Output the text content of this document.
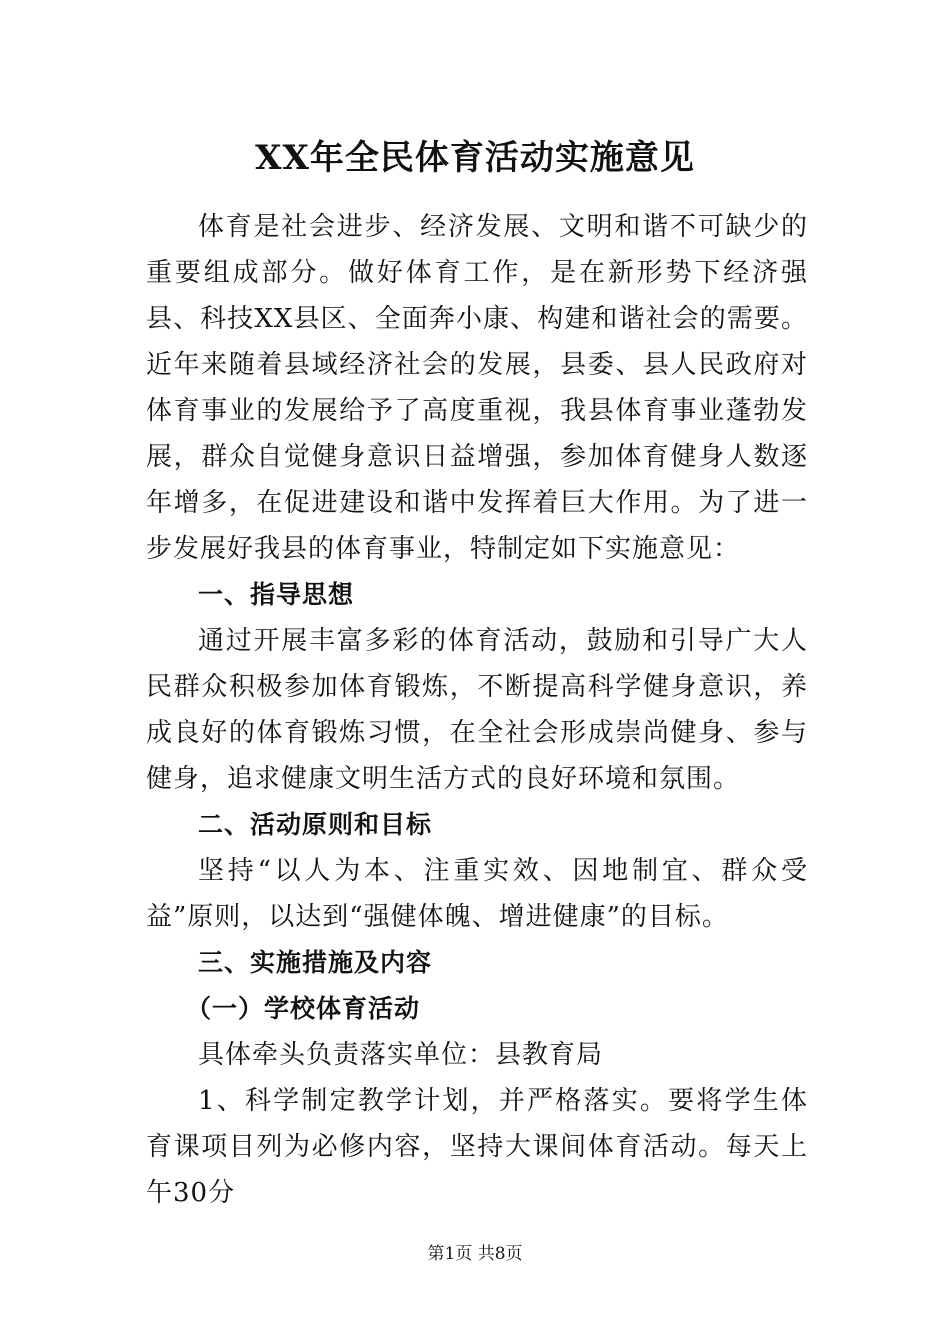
XX年全民体育活动实施意见

体育是社会进步、经济发展、文明和谐不可缺少的重要组成部分。做好体育工作，是在新形势下经济强县、科技XX县区、全面奔小康、构建和谐社会的需要。近年来随着县域经济社会的发展，县委、县人民政府对体育事业的发展给予了高度重视，我县体育事业蓬勃发展，群众自觉健身意识日益增强，参加体育健身人数逐年增多，在促进建设和谐中发挥着巨大作用。为了进一步发展好我县的体育事业，特制定如下实施意见：

一、指导思想

通过开展丰富多彩的体育活动，鼓励和引导广大人民群众积极参加体育锻炼，不断提高科学健身意识，养成良好的体育锻炼习惯，在全社会形成崇尚健身、参与健身，追求健康文明生活方式的良好环境和氛围。

二、活动原则和目标

坚持“以人为本、注重实效、因地制宜、群众受益”原则，以达到“强健体魄、增进健康”的目标。

三、实施措施及内容
（一）学校体育活动

具体牵头负责落实单位：县教育局

1、科学制定教学计划，并严格落实。要将学生体育课项目列为必修内容，坚持大课间体育活动。每天上午30分

第1页 共8页
